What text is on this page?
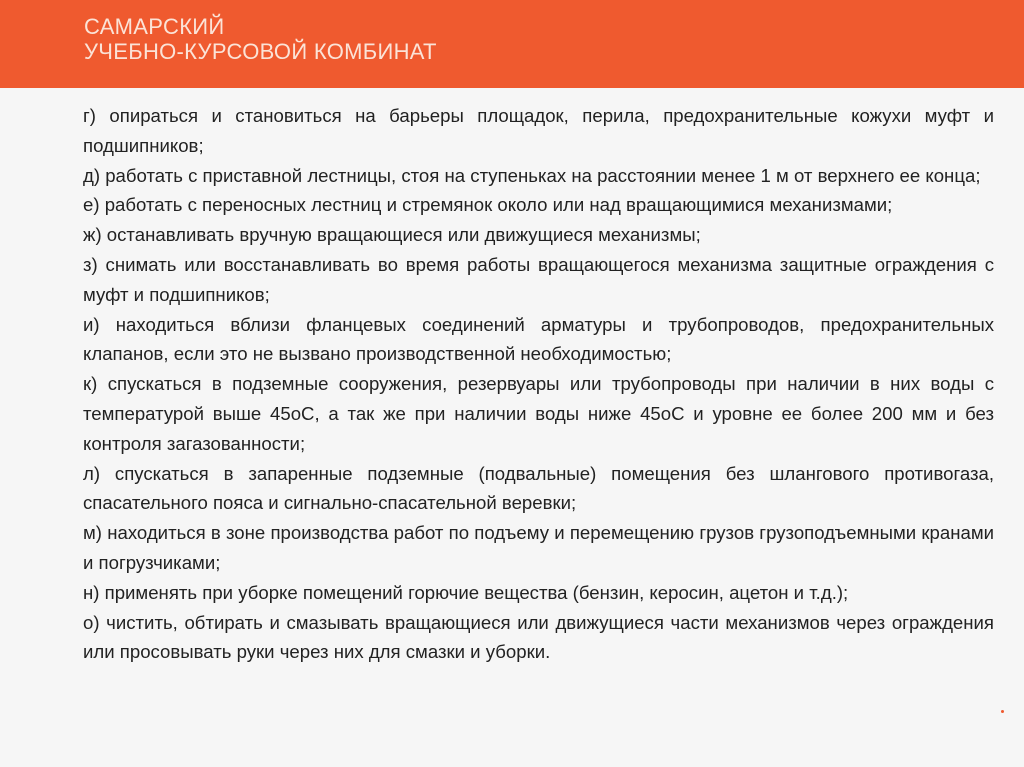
САМАРСКИЙ
УЧЕБНО-КУРСОВОЙ КОМБИНАТ
г) опираться и становиться на барьеры площадок, перила, предохранительные кожухи муфт и подшипников;
д) работать с приставной лестницы, стоя на ступеньках на расстоянии менее 1 м от верхнего ее конца;
е) работать с переносных лестниц и стремянок около или над вращающимися механизмами;
ж) останавливать вручную вращающиеся или движущиеся механизмы;
з) снимать или восстанавливать во время работы вращающегося механизма защитные ограждения с муфт и подшипников;
и) находиться вблизи фланцевых соединений арматуры и трубопроводов, предохранительных клапанов, если это не вызвано производственной необходимостью;
к) спускаться в подземные сооружения, резервуары или трубопроводы при наличии в них воды с температурой выше 45оС, а так же при наличии воды ниже 45оС и уровне ее более 200 мм и без контроля загазованности;
л) спускаться в запаренные подземные (подвальные) помещения без шлангового противогаза, спасательного пояса и сигнально-спасательной веревки;
м) находиться в зоне производства работ по подъему и перемещению грузов грузоподъемными кранами и погрузчиками;
н) применять при уборке помещений горючие вещества (бензин, керосин, ацетон и т.д.);
о) чистить, обтирать и смазывать вращающиеся или движущиеся части механизмов через ограждения или просовывать руки через них для смазки и уборки.
